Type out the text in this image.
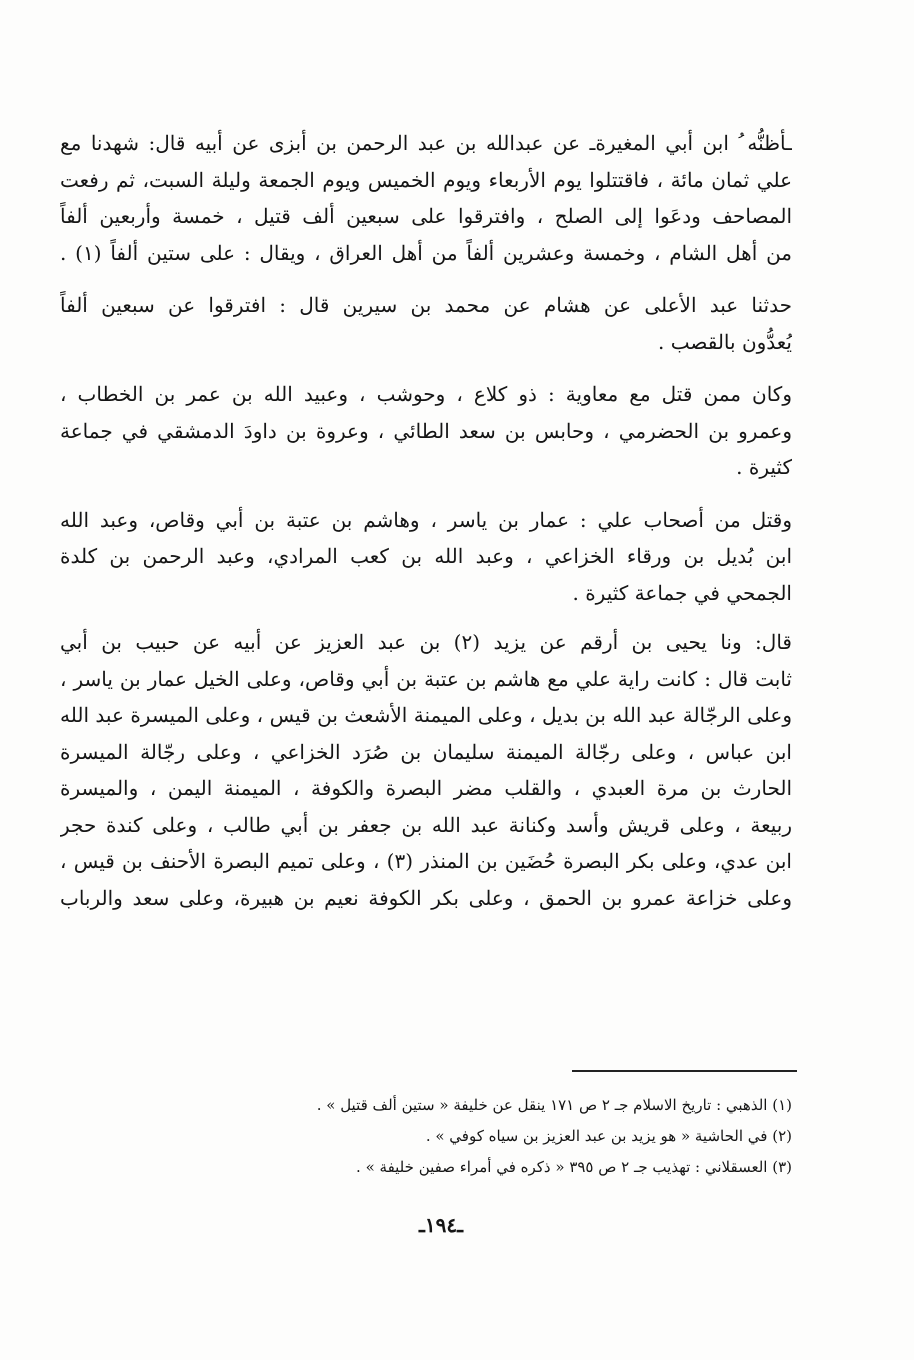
ـأظنُّه ُ ابن أبي المغيرةـ عن عبدالله بن عبد الرحمن بن أبزى عن أبيه قال: شهدنا مع
علي ثمان مائة ، فاقتتلوا يوم الأربعاء ويوم الخميس ويوم الجمعة وليلة السبت، ثم رفعت
المصاحف ودعَوا إلى الصلح ، وافترقوا على سبعين ألف قتيل ، خمسة وأربعين ألفاً
من أهل الشام ، وخمسة وعشرين ألفاً من أهل العراق ، ويقال : على ستين ألفاً (١) .
حدثنا عبد الأعلى عن هشام عن محمد بن سيرين قال : افترقوا عن سبعين ألفاً
يُعدُّون بالقصب .
وكان ممن قتل مع معاوية : ذو كلاع ، وحوشب ، وعبيد الله بن عمر بن الخطاب ،
وعمرو بن الحضرمي ، وحابس بن سعد الطائي ، وعروة بن داودَ الدمشقي في جماعة
كثيرة .
وقتل من أصحاب علي : عمار بن ياسر ، وهاشم بن عتبة بن أبي وقاص، وعبد الله
ابن بُديل بن ورقاء الخزاعي ، وعبد الله بن كعب المرادي، وعبد الرحمن بن كلدة
الجمحي في جماعة كثيرة .
قال: ونا يحيى بن أرقم عن يزيد (٢) بن عبد العزيز عن أبيه عن حبيب بن أبي
ثابت قال : كانت راية علي مع هاشم بن عتبة بن أبي وقاص، وعلى الخيل عمار بن ياسر ،
وعلى الرجّالة عبد الله بن بديل ، وعلى الميمنة الأشعث بن قيس ، وعلى الميسرة عبد الله
ابن عباس ، وعلى رجّالة الميمنة سليمان بن صُرَد الخزاعي ، وعلى رجّالة الميسرة
الحارث بن مرة العبدي ، والقلب مضر البصرة والكوفة ، الميمنة اليمن ، والميسرة
ربيعة ، وعلى قريش وأسد وكنانة عبد الله بن جعفر بن أبي طالب ، وعلى كندة حجر
ابن عدي، وعلى بكر البصرة حُضَين بن المنذر (٣) ، وعلى تميم البصرة الأحنف بن قيس ،
وعلى خزاعة عمرو بن الحمق ، وعلى بكر الكوفة نعيم بن هبيرة، وعلى سعد والرباب
(١) الذهبي : تاريخ الاسلام جـ ٢ ص ١٧١ ينقل عن خليفة « ستين ألف قتيل » .
(٢) في الحاشية « هو يزيد بن عبد العزيز بن سياه كوفي » .
(٣) العسقلاني : تهذيب جـ ٢ ص ٣٩٥ « ذكره في أمراء صفين خليفة » .
ـ١٩٤ـ
